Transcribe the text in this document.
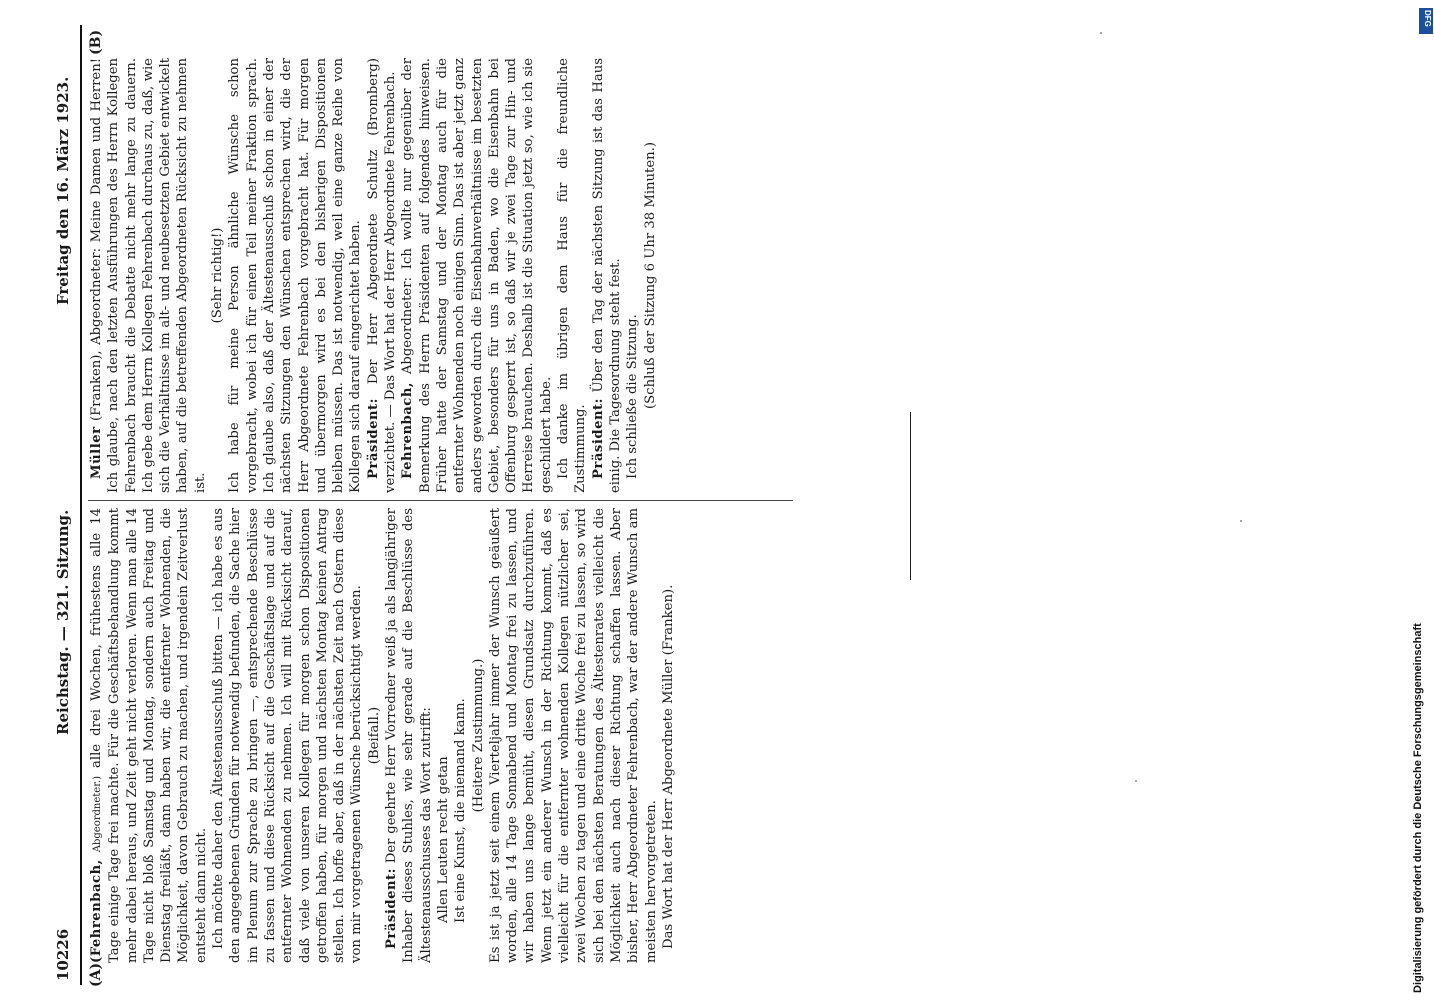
10226
Reichstag. — 321. Sitzung.
Freitag den 16. März 1923.
(A)
(B)

(Fehrenbach, Abgeordneter.) alle drei Wochen, frühestens alle 14 Tage einige Tage frei machte. Für die Geschäftsbehandlung kommt mehr dabei heraus, und Zeit geht nicht verloren. Wenn man alle 14 Tage nicht bloß Samstag und Montag, sondern auch Freitag und Dienstag freiläßt, dann haben wir, die entfernter Wohnenden, die Möglichkeit, davon Gebrauch zu machen, und irgendein Zeitverlust entsteht dann nicht. Ich möchte daher den Ältestenausschuß bitten — ich habe es aus den angegebenen Gründen für notwendig befunden, die Sache hier im Plenum zur Sprache zu bringen —, entsprechende Beschlüsse zu fassen und diese Rücksicht auf die Geschäftslage und auf die entfernter Wohnenden zu nehmen. Ich will mit Rücksicht darauf, daß viele von unseren Kollegen für morgen schon Dispositionen getroffen haben, für morgen und nächsten Montag keinen Antrag stellen. Ich hoffe aber, daß in der nächsten Zeit nach Ostern diese von mir vorgetragenen Wünsche berücksichtigt werden. (Beifall.)

Präsident: Der geehrte Herr Vorredner weiß ja als langjähriger Inhaber dieses Stuhles, wie sehr gerade auf die Beschlüsse des Ältestenausschusses das Wort zutrifft: Allen Leuten recht getan Ist eine Kunst, die niemand kann. (Heitere Zustimmung.) Es ist ja jetzt seit einem Vierteljahr immer der Wunsch geäußert worden, alle 14 Tage Sonnabend und Montag frei zu lassen, und wir haben uns lange bemüht, diesen Grundsatz durchzuführen. Wenn jetzt ein anderer Wunsch in der Richtung kommt, daß es vielleicht für die entfernter wohnenden Kollegen nützlicher sei, zwei Wochen zu tagen und eine dritte Woche frei zu lassen, so wird sich bei den nächsten Beratungen des Ältestenrates vielleicht die Möglichkeit auch nach dieser Richtung schaffen lassen. Aber bisher, Herr Abgeordneter Fehrenbach, war der andere Wunsch am meisten hervorgetreten. Das Wort hat der Herr Abgeordnete Müller (Franken).

Müller (Franken), Abgeordneter: Meine Damen und Herren! Ich glaube, nach den letzten Ausführungen des Herrn Kollegen Fehrenbach braucht die Debatte nicht mehr lange zu dauern. Ich gebe dem Herrn Kollegen Fehrenbach durchaus zu, daß, wie sich die Verhältnisse im alt- und neubesetzten Gebiet entwickelt haben, auf die betreffenden Abgeordneten Rücksicht zu nehmen ist.

(Sehr richtig!) Ich habe für meine Person ähnliche Wünsche schon vorgebracht, wobei ich für einen Teil meiner Fraktion sprach. Ich glaube also, daß der Ältestenausschuß schon in einer der nächsten Sitzungen den Wünschen entsprechen wird, die der Herr Abgeordnete Fehrenbach vorgebracht hat. Für morgen und übermorgen wird es bei den bisherigen Dispositionen bleiben müssen. Das ist notwendig, weil eine ganze Reihe von Kollegen sich darauf eingerichtet haben. Präsident: Der Herr Abgeordnete Schultz (Bromberg) verzichtet. — Das Wort hat der Herr Abgeordnete Fehrenbach. Fehrenbach, Abgeordneter: Ich wollte nur gegenüber der Bemerkung des Herrn Präsidenten auf folgendes hinweisen. Früher hatte der Samstag und der Montag auch für die entfernter Wohnenden noch einigen Sinn. Das ist aber jetzt ganz anders geworden durch die Eisenbahnverhältnisse im besetzten Gebiet, besonders für uns in Baden, wo die Eisenbahn bei Offenburg gesperrt ist, so daß wir je zwei Tage zur Hin- und Herreise brauchen. Deshalb ist die Situation jetzt so, wie ich sie geschildert habe. Ich danke im übrigen dem Haus für die freundliche Zustimmung. Präsident: Über den Tag der nächsten Sitzung ist das Haus einig. Die Tagesordnung steht fest. Ich schließe die Sitzung. (Schluß der Sitzung 6 Uhr 38 Minuten.)

DFG
Digitalisierung gefördert durch die Deutsche Forschungsgemeinschaft
